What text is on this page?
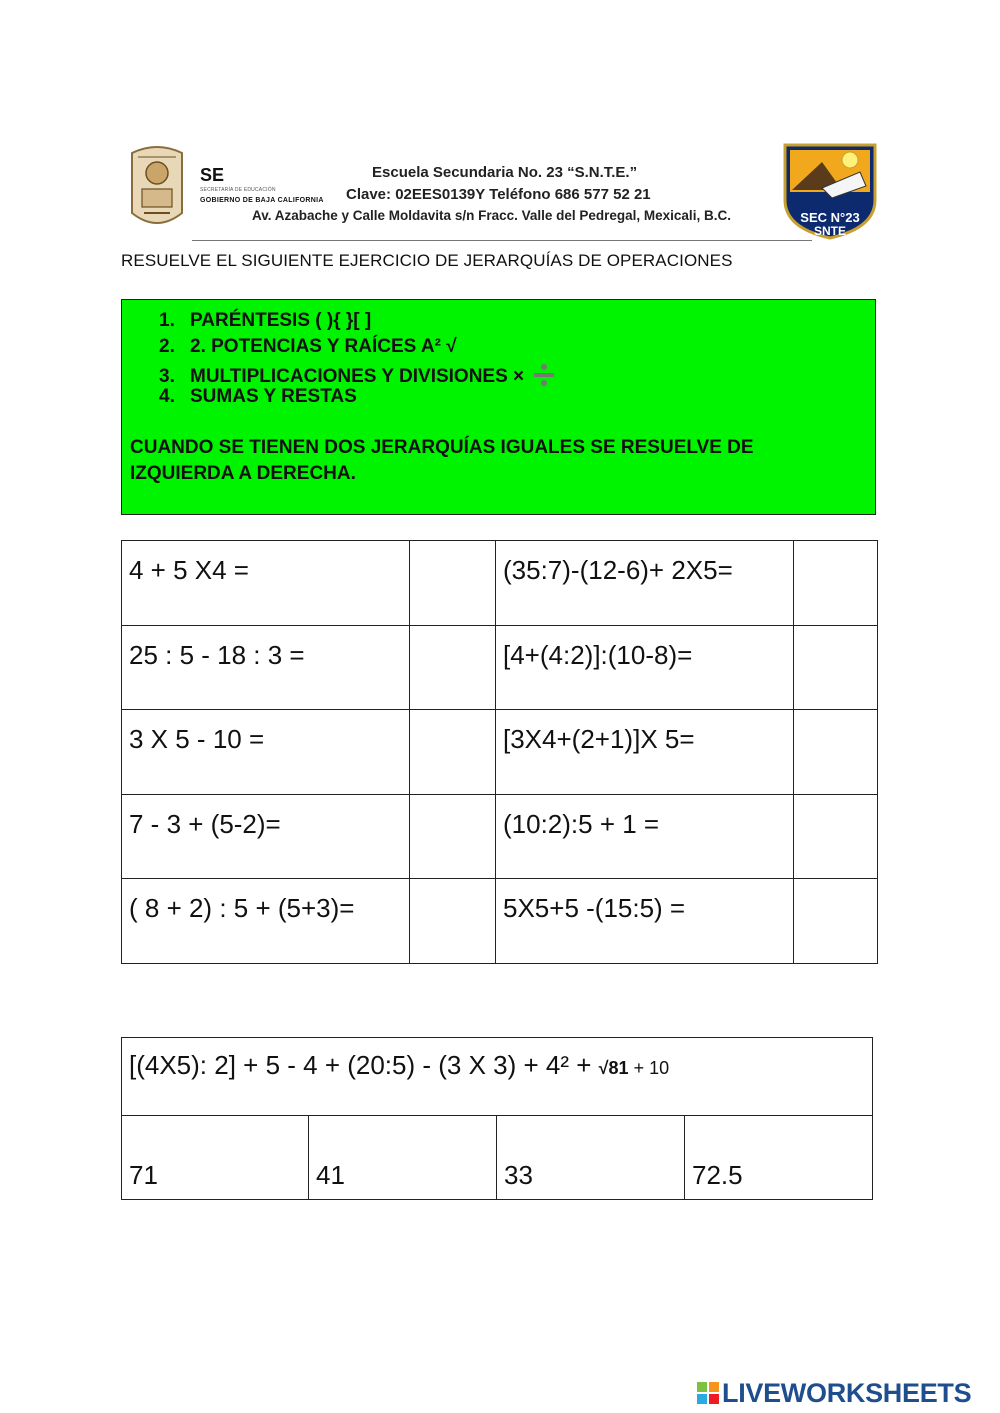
SE
SECRETARÍA DE EDUCACIÓN
GOBIERNO DE BAJA CALIFORNIA
Escuela Secundaria No. 23 “S.N.T.E.”
Clave: 02EES0139Y Teléfono 686 577 52 21
Av. Azabache y Calle Moldavita s/n Fracc. Valle del Pedregal, Mexicali, B.C.	SEC N°23
SNTE
RESUELVE EL SIGUIENTE EJERCICIO DE JERARQUÍAS DE OPERACIONES
1. PARÉNTESIS ( ){ }[ ]
2. 2. POTENCIAS Y RAÍCES A² √
3. MULTIPLICACIONES Y DIVISIONES ×
4. SUMAS Y RESTAS
CUANDO SE TIENEN DOS JERARQUÍAS IGUALES SE RESUELVE DE IZQUIERDA A DERECHA.
4 + 5 X4 =		(35:7)-(12-6)+ 2X5=	
25 : 5 - 18 : 3 =		[4+(4:2)]:(10-8)=	
3 X 5 - 10 =		[3X4+(2+1)]X 5=	
7 - 3 + (5-2)=		(10:2):5 + 1 =	
( 8 + 2) : 5 + (5+3)=		5X5+5 -(15:5) =	
[(4X5): 2] + 5 - 4 + (20:5) - (3 X 3) + 4² + √81 + 10
71	41	33	72.5
LIVEWORKSHEETS
